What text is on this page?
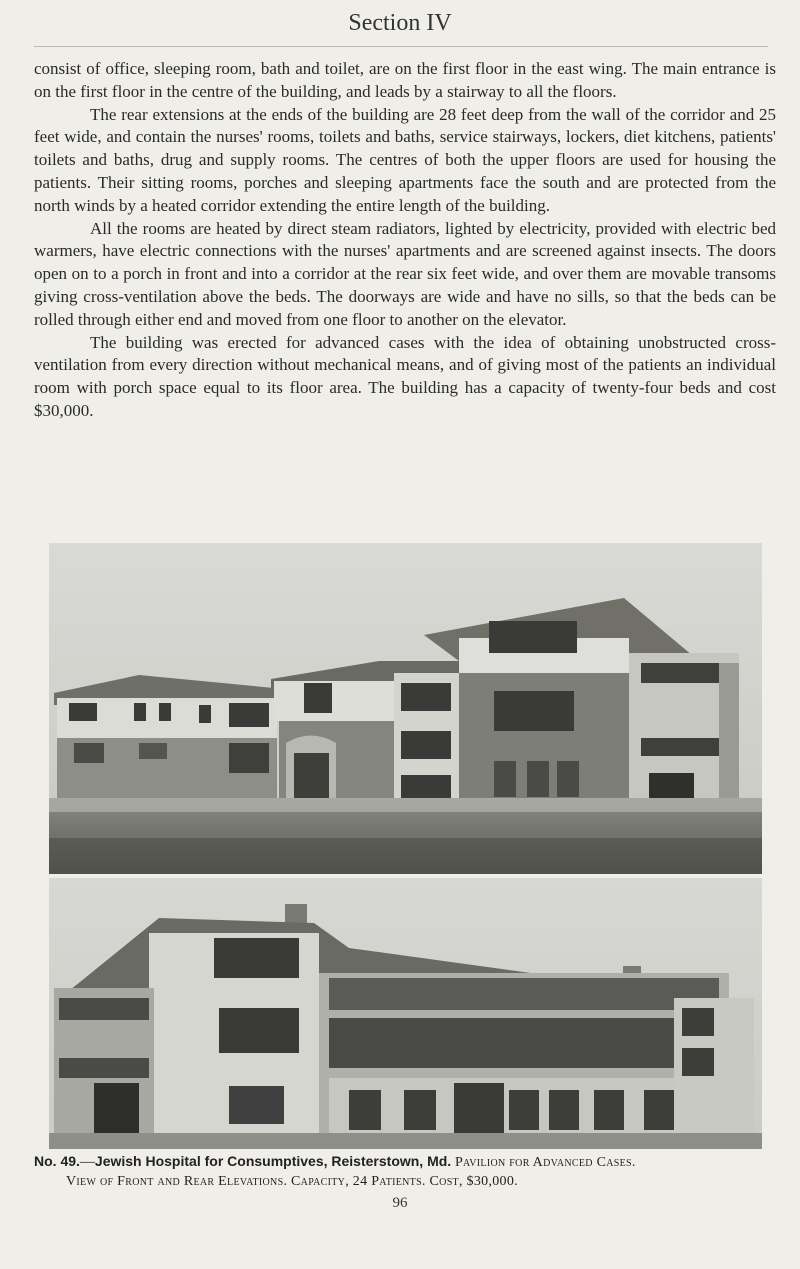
Section IV

consist of office, sleeping room, bath and toilet, are on the first floor in the east wing. The main entrance is on the first floor in the centre of the building, and leads by a stairway to all the floors.

The rear extensions at the ends of the building are 28 feet deep from the wall of the corridor and 25 feet wide, and contain the nurses' rooms, toilets and baths, service stairways, lockers, diet kitchens, patients' toilets and baths, drug and supply rooms. The centres of both the upper floors are used for housing the patients. Their sitting rooms, porches and sleeping apartments face the south and are protected from the north winds by a heated corridor extending the entire length of the building.

All the rooms are heated by direct steam radiators, lighted by electricity, provided with electric bed warmers, have electric connections with the nurses' apartments and are screened against insects. The doors open on to a porch in front and into a corridor at the rear six feet wide, and over them are movable transoms giving cross-ventilation above the beds. The doorways are wide and have no sills, so that the beds can be rolled through either end and moved from one floor to another on the elevator.

The building was erected for advanced cases with the idea of obtaining unobstructed cross-ventilation from every direction without mechanical means, and of giving most of the patients an individual room with porch space equal to its floor area. The building has a capacity of twenty-four beds and cost $30,000.

No. 49.—Jewish Hospital for Consumptives, Reisterstown, Md. Pavilion for Advanced Cases.
View of Front and Rear Elevations. Capacity, 24 Patients. Cost, $30,000.
96
